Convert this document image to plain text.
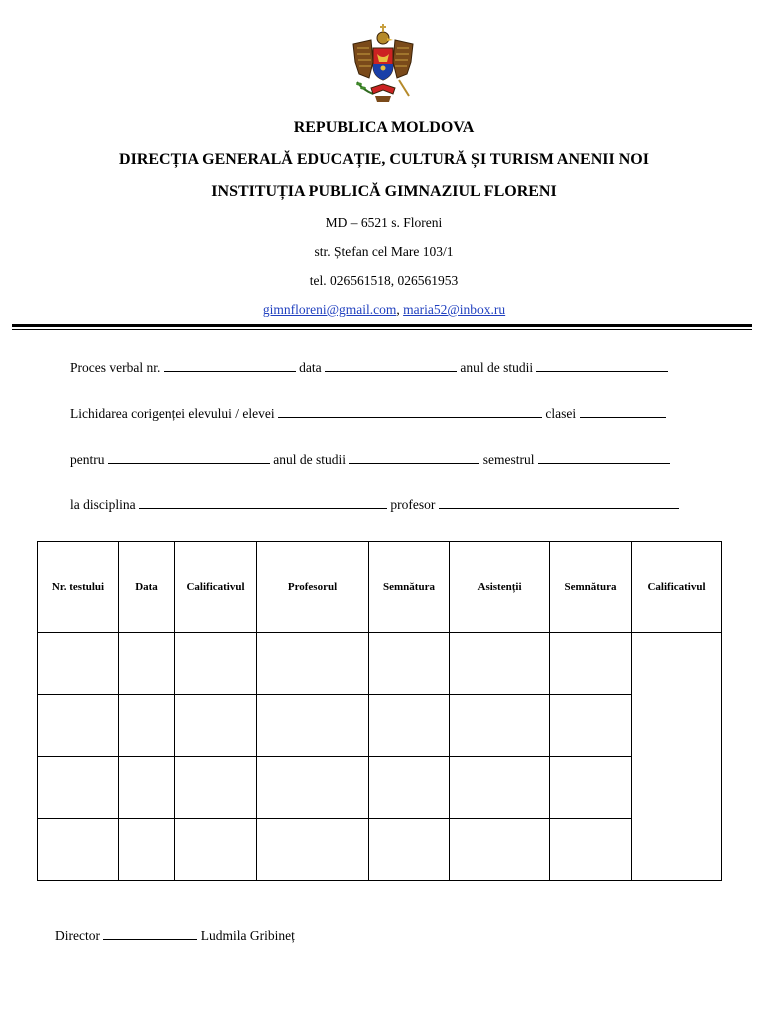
REPUBLICA MOLDOVA
DIRECȚIA GENERALĂ EDUCAȚIE, CULTURĂ ȘI TURISM ANENII NOI
INSTITUȚIA PUBLICĂ GIMNAZIUL FLORENI
MD – 6521 s. Floreni
str. Ștefan cel Mare 103/1
tel. 026561518, 026561953
gimnfloreni@gmail.com, maria52@inbox.ru
Proces verbal nr.	data	anul de studii
Lichidarea corigenței elevului / elevei	clasei
pentru	anul de studii	semestrul
la disciplina	profesor
Nr. testului	Data	Calificativul	Profesorul	Semnătura	Asistenții	Semnătura	Calificativul

Director	Ludmila Gribineț
